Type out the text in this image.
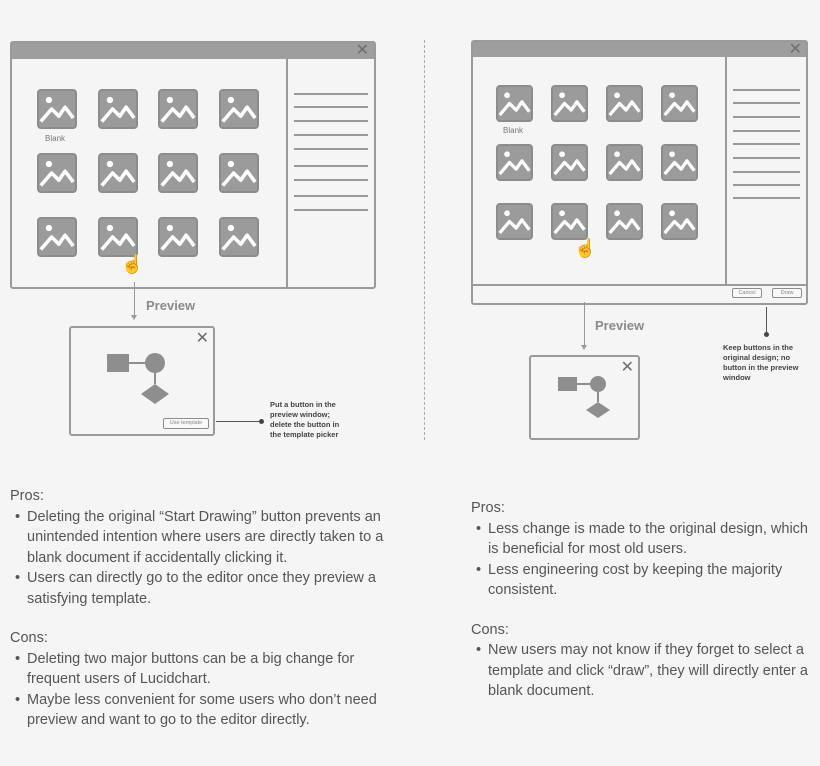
✕
Blank
☝
Preview
✕
Use template
Put a button in the
preview window;
delete the button in
the template picker
✕
Cancel	Draw
Blank
☝
Preview
✕
Keep buttons in the
original design; no
button in the preview
window
Pros:
• Deleting the original “Start Drawing” button prevents an unintended intention where users are directly taken to a blank document if accidentally clicking it.
• Users can directly go to the editor once they preview a satisfying template.
Cons:
• Deleting two major buttons can be a big change for frequent users of Lucidchart.
• Maybe less convenient for some users who don’t need preview and want to go to the editor directly.
Pros:
• Less change is made to the original design, which is beneficial for most old users.
• Less engineering cost by keeping the majority consistent.
Cons:
• New users may not know if they forget to select a template and click “draw”, they will directly enter a blank document.
